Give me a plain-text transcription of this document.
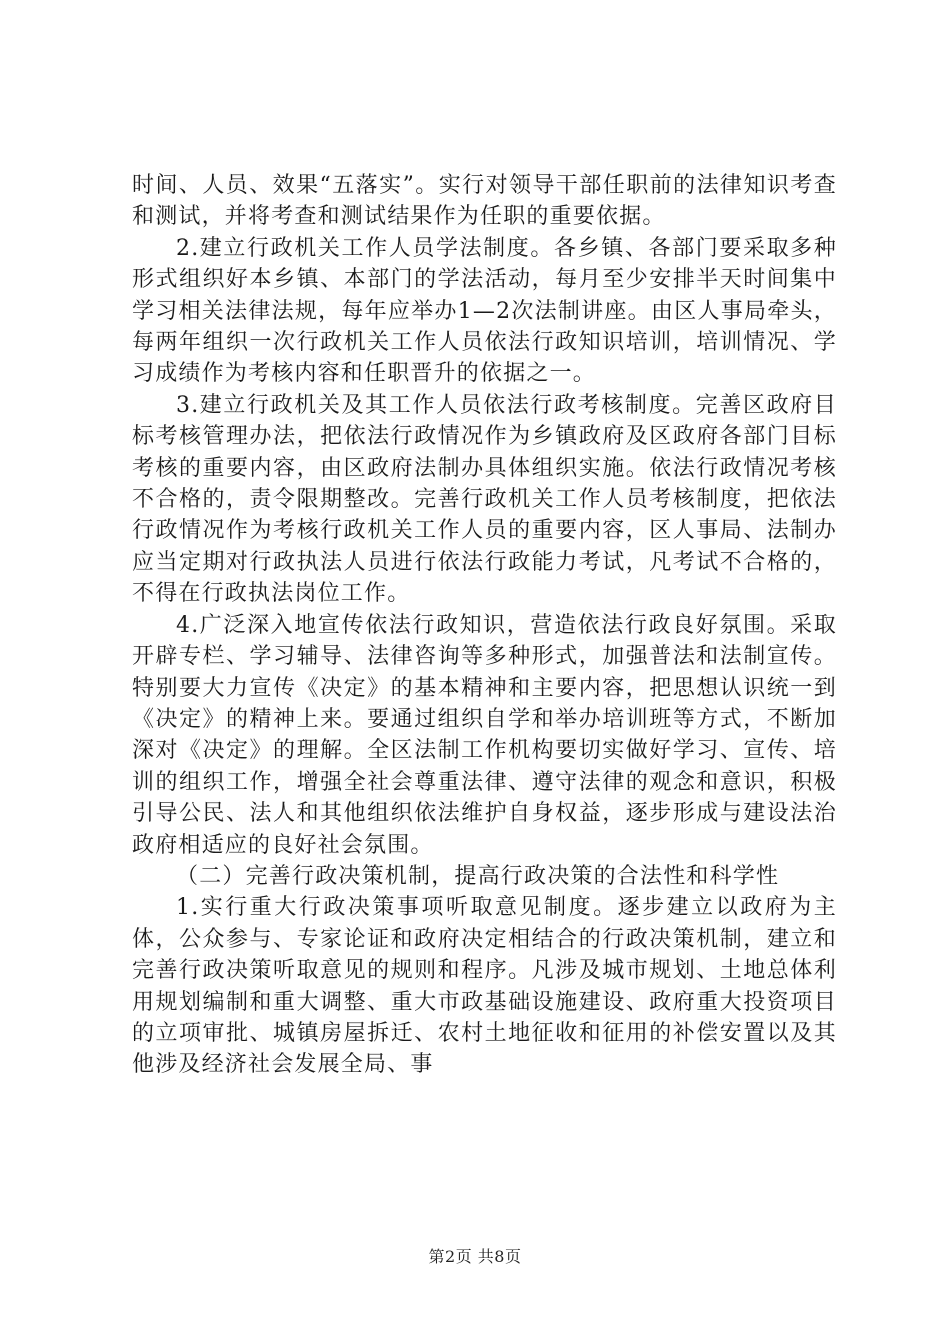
时间、人员、效果“五落实”。实行对领导干部任职前的法律知识考查和测试，并将考查和测试结果作为任职的重要依据。

2.建立行政机关工作人员学法制度。各乡镇、各部门要采取多种形式组织好本乡镇、本部门的学法活动，每月至少安排半天时间集中学习相关法律法规，每年应举办1—2次法制讲座。由区人事局牵头，每两年组织一次行政机关工作人员依法行政知识培训，培训情况、学习成绩作为考核内容和任职晋升的依据之一。

3.建立行政机关及其工作人员依法行政考核制度。完善区政府目标考核管理办法，把依法行政情况作为乡镇政府及区政府各部门目标考核的重要内容，由区政府法制办具体组织实施。依法行政情况考核不合格的，责令限期整改。完善行政机关工作人员考核制度，把依法行政情况作为考核行政机关工作人员的重要内容，区人事局、法制办应当定期对行政执法人员进行依法行政能力考试，凡考试不合格的，不得在行政执法岗位工作。

4.广泛深入地宣传依法行政知识，营造依法行政良好氛围。采取开辟专栏、学习辅导、法律咨询等多种形式，加强普法和法制宣传。特别要大力宣传《决定》的基本精神和主要内容，把思想认识统一到《决定》的精神上来。要通过组织自学和举办培训班等方式，不断加深对《决定》的理解。全区法制工作机构要切实做好学习、宣传、培训的组织工作，增强全社会尊重法律、遵守法律的观念和意识，积极引导公民、法人和其他组织依法维护自身权益，逐步形成与建设法治政府相适应的良好社会氛围。

（二）完善行政决策机制，提高行政决策的合法性和科学性

1.实行重大行政决策事项听取意见制度。逐步建立以政府为主体，公众参与、专家论证和政府决定相结合的行政决策机制，建立和完善行政决策听取意见的规则和程序。凡涉及城市规划、土地总体利用规划编制和重大调整、重大市政基础设施建设、政府重大投资项目的立项审批、城镇房屋拆迁、农村土地征收和征用的补偿安置以及其他涉及经济社会发展全局、事

第2页 共8页
